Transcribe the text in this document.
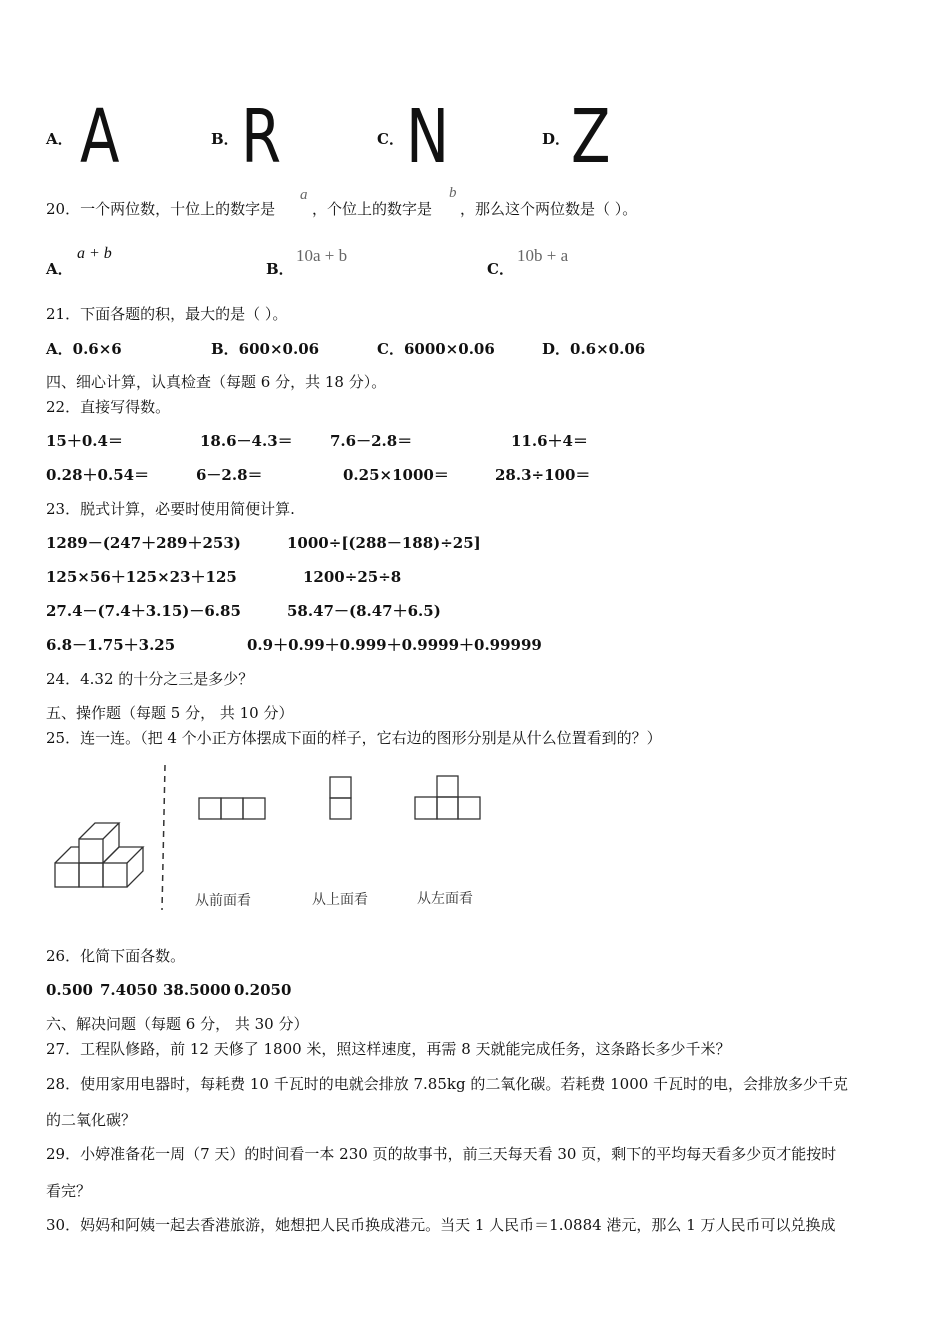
A． A	B． R	C． N	D． Z
20．一个两位数，十位上的数字是
a
，个位上的数字是
b
，那么这个两位数是（ ）。
A．
a + b
B．
10a + b
C．
10b + a
21．下面各题的积，最大的是（ ）。
A．0.6×6	B．600×0.06	C．6000×0.06	D．0.6×0.06
四、细心计算，认真检查（每题 6 分，共 18 分）。
22．直接写得数。
15＋0.4＝	18.6－4.3＝ 7.6－2.8＝	11.6＋4＝
0.28＋0.54＝	6－2.8＝	0.25×1000＝	28.3÷100＝
23．脱式计算，必要时使用简便计算.
1289－(247＋289＋253)	1000÷[(288－188)÷25]
125×56＋125×23＋125	1200÷25÷8
27.4－(7.4＋3.15)－6.85	58.47－(8.47＋6.5)
6.8－1.75＋3.25	0.9＋0.99＋0.999＋0.9999＋0.99999
24．4.32 的十分之三是多少？
五、操作题（每题 5 分， 共 10 分）
25．连一连。（把 4 个小正方体摆成下面的样子，它右边的图形分别是从什么位置看到的？）
从前面看	从上面看	从左面看
26．化简下面各数。
0.500 7.4050 38.5000 0.2050
六、解决问题（每题 6 分， 共 30 分）
27．工程队修路，前 12 天修了 1800 米，照这样速度，再需 8 天就能完成任务，这条路长多少千米？
28．使用家用电器时，每耗费 10 千瓦时的电就会排放 7.85kg 的二氧化碳。若耗费 1000 千瓦时的电，会排放多少千克
的二氧化碳？
29．小婷准备花一周（7 天）的时间看一本 230 页的故事书，前三天每天看 30 页，剩下的平均每天看多少页才能按时
看完？
30．妈妈和阿姨一起去香港旅游，她想把人民币换成港元。当天 1 人民币＝1.0884 港元，那么 1 万人民币可以兑换成
